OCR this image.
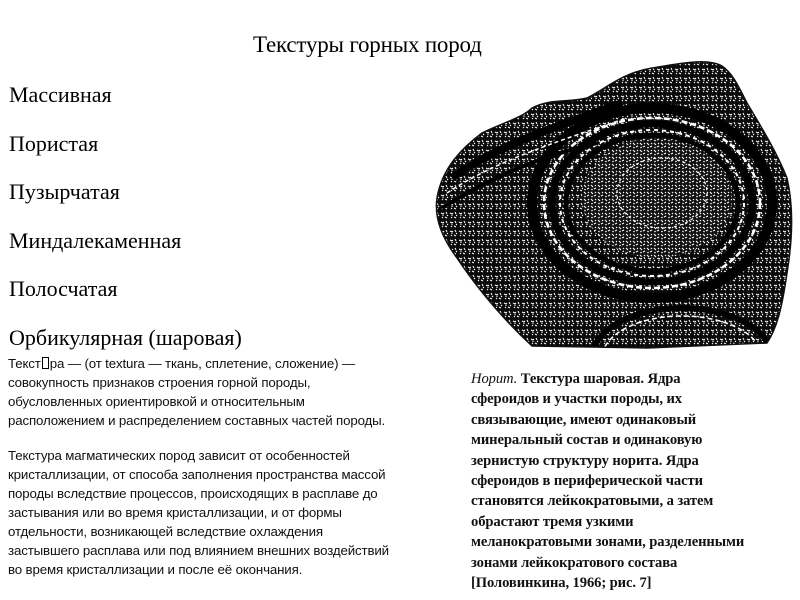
Текстуры горных пород
Массивная
Пористая
Пузырчатая
Миндалекаменная
Полосчатая
Орбикулярная (шаровая)
Текст ра — (от textura — ткань, сплетение, сложение) —
совокупность признаков строения горной породы,
обусловленных ориентировкой и относительным
расположением и распределением составных частей породы.
Текстура магматических пород зависит от особенностей
кристаллизации, от способа заполнения пространства массой
породы вследствие процессов, происходящих в расплаве до
застывания или во время кристаллизации, и от формы
отдельности, возникающей вследствие охлаждения
застывшего расплава или под влиянием внешних воздействий
во время кристаллизации и после её окончания.
Норит. Текстура шаровая. Ядра
сфероидов и участки породы, их
связывающие, имеют одинаковый
минеральный состав и одинаковую
зернистую структуру норита. Ядра
сфероидов в периферической части
становятся лейкократовыми, а затем
обрастают тремя узкими
меланократовыми зонами, разделенными
зонами лейкократового состава
[Половинкина, 1966; рис. 7]
